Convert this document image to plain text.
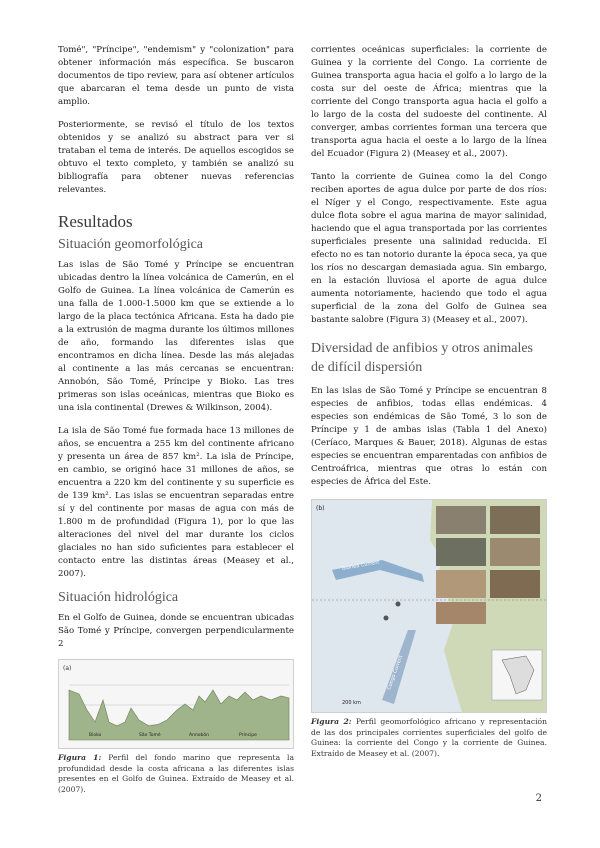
Tomé", "Príncipe", "endemism" y "colonization" para obtener información más específica. Se buscaron documentos de tipo review, para así obtener artículos que abarcaran el tema desde un punto de vista amplio.

Posteriormente, se revisó el título de los textos obtenidos y se analizó su abstract para ver si trataban el tema de interés. De aquellos escogidos se obtuvo el texto completo, y también se analizó su bibliografía para obtener nuevas referencias relevantes.

Resultados
Situación geomorfológica

Las islas de São Tomé y Príncipe se encuentran ubicadas dentro la línea volcánica de Camerún, en el Golfo de Guinea. La línea volcánica de Camerún es una falla de 1.000-1.5000 km que se extiende a lo largo de la placa tectónica Africana. Esta ha dado pie a la extrusión de magma durante los últimos millones de año, formando las diferentes islas que encontramos en dicha línea. Desde las más alejadas al continente a las más cercanas se encuentran: Annobón, São Tomé, Príncipe y Bioko. Las tres primeras son islas oceánicas, mientras que Bioko es una isla continental (Drewes & Wilkinson, 2004).

La isla de São Tomé fue formada hace 13 millones de años, se encuentra a 255 km del continente africano y presenta un área de 857 km². La isla de Príncipe, en cambio, se originó hace 31 millones de años, se encuentra a 220 km del continente y su superficie es de 139 km². Las islas se encuentran separadas entre sí y del continente por masas de agua con más de 1.800 m de profundidad (Figura 1), por lo que las alteraciones del nivel del mar durante los ciclos glaciales no han sido suficientes para establecer el contacto entre las distintas áreas (Measey et al., 2007).

Situación hidrológica

En el Golfo de Guinea, donde se encuentran ubicadas São Tomé y Príncipe, convergen perpendicularmente 2

(a)
Bioko	São Tomé	Annobón	Príncipe
Figura 1: Perfil del fondo marino que representa la profundidad desde la costa africana a las diferentes islas presentes en el Golfo de Guinea. Extraído de Measey et al. (2007).

corrientes oceánicas superficiales: la corriente de Guinea y la corriente del Congo. La corriente de Guinea transporta agua hacia el golfo a lo largo de la costa sur del oeste de África; mientras que la corriente del Congo transporta agua hacia el golfo a lo largo de la costa del sudoeste del continente. Al converger, ambas corrientes forman una tercera que transporta agua hacia el oeste a lo largo de la línea del Ecuador (Figura 2) (Measey et al., 2007).

Tanto la corriente de Guinea como la del Congo reciben aportes de agua dulce por parte de dos ríos: el Níger y el Congo, respectivamente. Este agua dulce flota sobre el agua marina de mayor salinidad, haciendo que el agua transportada por las corrientes superficiales presente una salinidad reducida. El efecto no es tan notorio durante la época seca, ya que los ríos no descargan demasiada agua. Sin embargo, en la estación lluviosa el aporte de agua dulce aumenta notoriamente, haciendo que todo el agua superficial de la zona del Golfo de Guinea sea bastante salobre (Figura 3) (Measey et al., 2007).

Diversidad de anfibios y otros animales de difícil dispersión

En las islas de São Tomé y Príncipe se encuentran 8 especies de anfibios, todas ellas endémicas. 4 especies son endémicas de São Tomé, 3 lo son de Príncipe y 1 de ambas islas (Tabla 1 del Anexo) (Ceríaco, Marques & Bauer, 2018). Algunas de estas especies se encuentran emparentadas con anfibios de Centroáfrica, mientras que otras lo están con especies de África del Este.

(b)
Guinea Current
Congo Current
200 km
Figura 2: Perfil geomorfológico africano y representación de las dos principales corrientes superficiales del golfo de Guinea: la corriente del Congo y la corriente de Guinea. Extraído de Measey et al. (2007).
2
